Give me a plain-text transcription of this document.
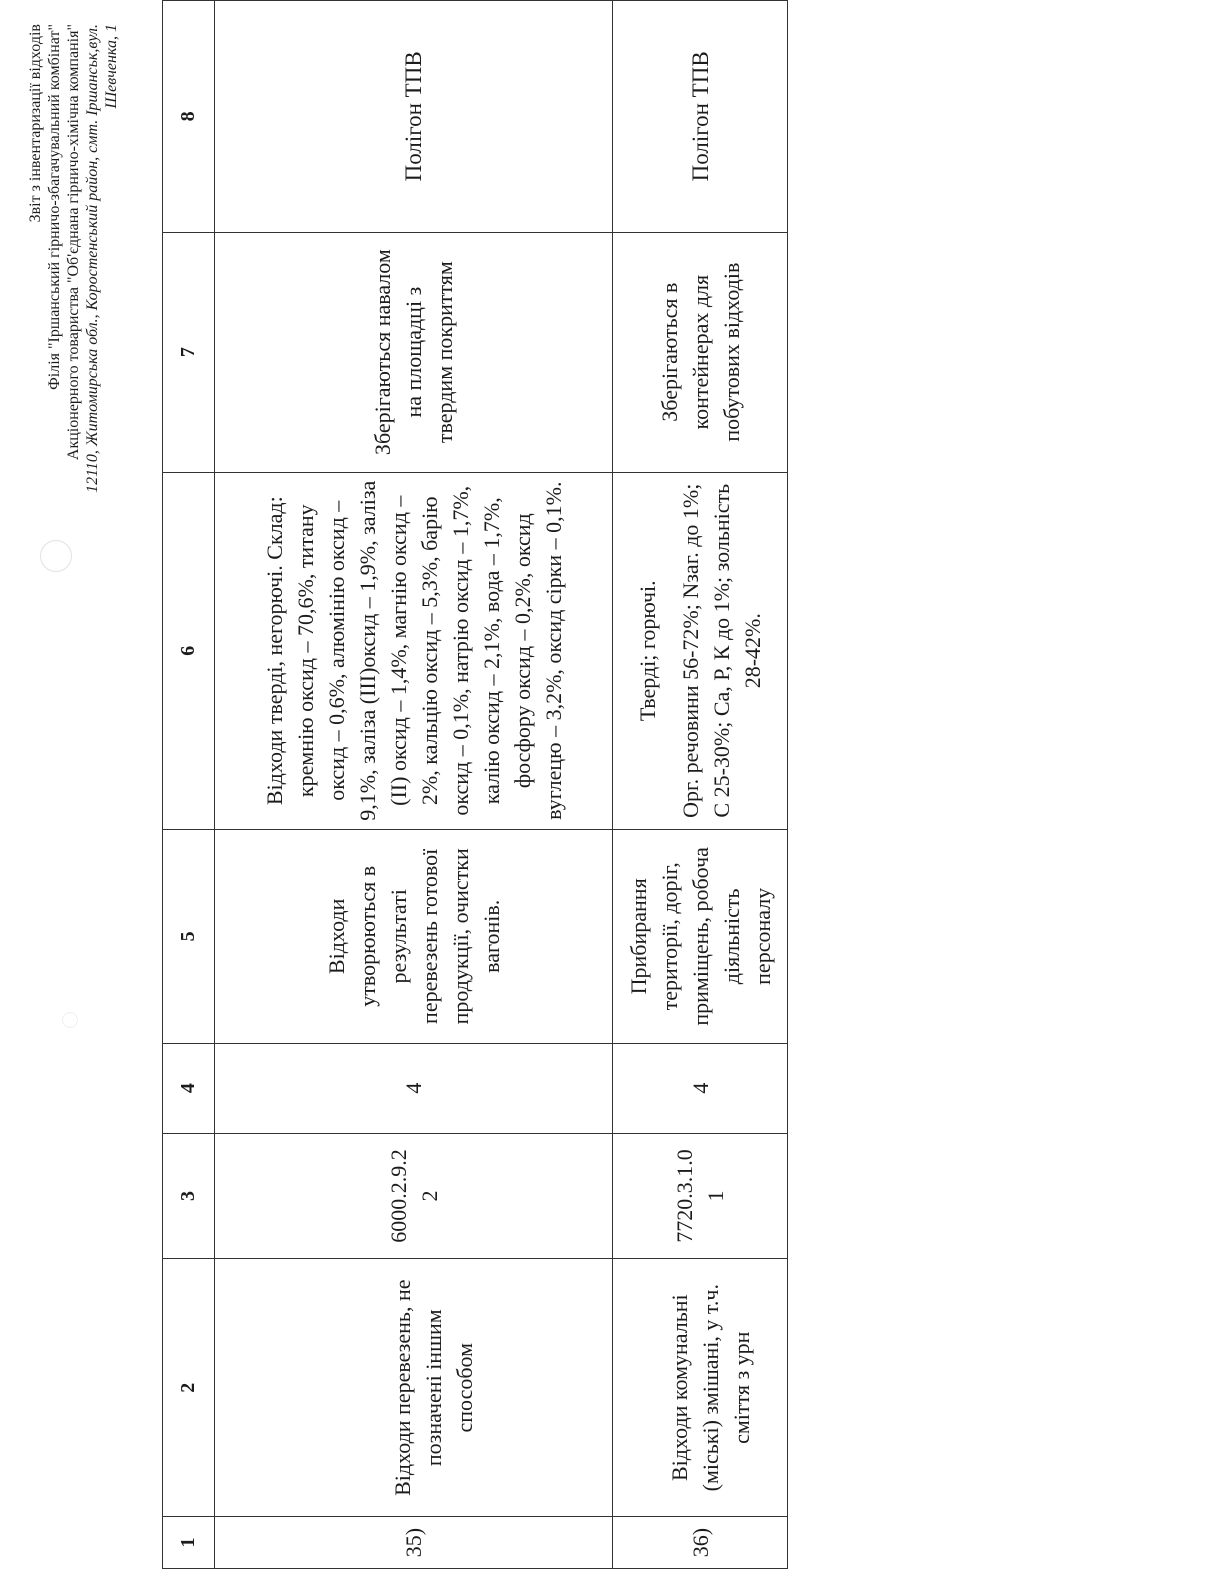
Звіт з інвентаризації відходів Філія "Іршанський гірничо-збагачувальний комбінат" Акціонерного товариства "Об'єднана гірничо-хімічна компанія" 12110, Житомирська обл., Коростенський район, смт. Іршанськ,вул. Шевченка, 1
1	2	3	4	5	6	7	8
35)	Відходи перевезень, не позначені іншим способом	6000.2.9.2 2	4	Відходи утворюються в результаті перевезень готової продукції, очистки вагонів.	Відходи тверді, негорючі. Склад: кремнію оксид – 70,6%, титану оксид – 0,6%, алюмінію оксид – 9,1%, заліза (III)оксид – 1,9%, заліза (II) оксид – 1,4%, магнію оксид – 2%, кальцію оксид – 5,3%, барію оксид – 0,1%, натрію оксид – 1,7%, калію оксид – 2,1%, вода – 1,7%, фосфору оксид – 0,2%, оксид вуглецю – 3,2%, оксид сірки – 0,1%.	Зберігаються навалом на площадці з твердим покриттям	Полігон ТПВ
36)	Відходи комунальні (міські) змішані, у т.ч. сміття з урн	7720.3.1.0 1	4	Прибирання території, доріг, приміщень, робоча діяльність персоналу	Тверді; горючі. Орг. речовини 56-72%; Nзаг. до 1%; С 25-30%; Са, Р, К до 1%; зольність 28-42%.	Зберігаються в контейнерах для побутових відходів	Полігон ТПВ
